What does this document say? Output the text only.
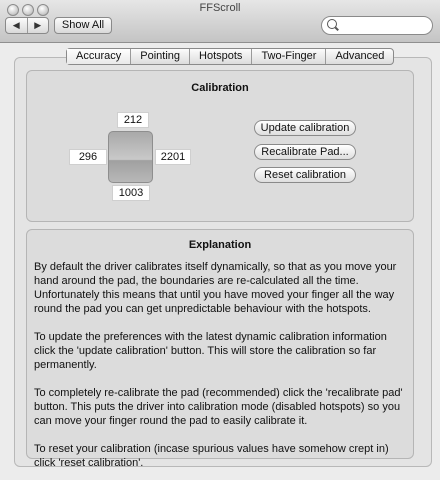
FFScroll
◀	▶	Show All
Accuracy	Pointing	Hotspots	Two-Finger	Advanced
Calibration
212
296	2201
1003
Update calibration
Recalibrate Pad...
Reset calibration
Explanation

By default the driver calibrates itself dynamically, so that as you move your hand around the pad, the boundaries are re-calculated all the time. Unfortunately this means that until you have moved your finger all the way round the pad you can get unpredictable behaviour with the hotspots.

To update the preferences with the latest dynamic calibration information click the 'update calibration' button. This will store the calibration so far permanently.

To completely re-calibrate the pad (recommended) click the 'recalibrate pad' button. This puts the driver into calibration mode (disabled hotspots) so you can move your finger round the pad to easily calibrate it.

To reset your calibration (incase spurious values have somehow crept in) click 'reset calibration'.
